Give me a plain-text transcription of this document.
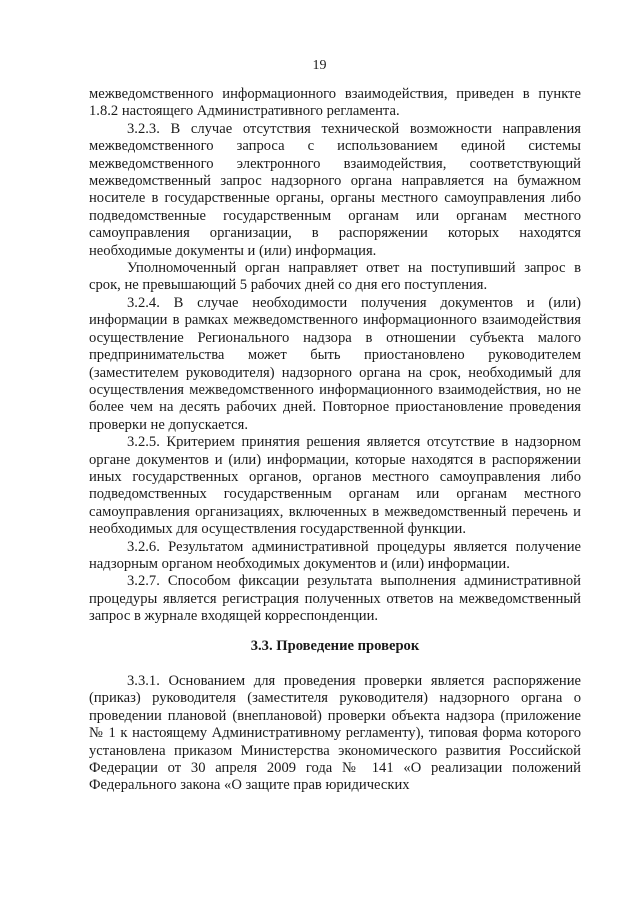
19

межведомственного информационного взаимодействия, приведен в пункте 1.8.2 настоящего Административного регламента.

3.2.3. В случае отсутствия технической возможности направления межведомственного запроса с использованием единой системы межведомственного электронного взаимодействия, соответствующий межведомственный запрос надзорного органа направляется на бумажном носителе в государственные органы, органы местного самоуправления либо подведомственные государственным органам или органам местного самоуправления организации, в распоряжении которых находятся необходимые документы и (или) информация.

Уполномоченный орган направляет ответ на поступивший запрос в срок, не превышающий 5 рабочих дней со дня его поступления.

3.2.4. В случае необходимости получения документов и (или) информации в рамках межведомственного информационного взаимодействия осуществление Регионального надзора в отношении субъекта малого предпринимательства может быть приостановлено руководителем (заместителем руководителя) надзорного органа на срок, необходимый для осуществления межведомственного информационного взаимодействия, но не более чем на десять рабочих дней. Повторное приостановление проведения проверки не допускается.

3.2.5. Критерием принятия решения является отсутствие в надзорном органе документов и (или) информации, которые находятся в распоряжении иных государственных органов, органов местного самоуправления либо подведомственных государственным органам или органам местного самоуправления организациях, включенных в межведомственный перечень и необходимых для осуществления государственной функции.

3.2.6. Результатом административной процедуры является получение надзорным органом необходимых документов и (или) информации.

3.2.7. Способом фиксации результата выполнения административной процедуры является регистрация полученных ответов на межведомственный запрос в журнале входящей корреспонденции.

3.3. Проведение проверок

3.3.1. Основанием для проведения проверки является распоряжение (приказ) руководителя (заместителя руководителя) надзорного органа о проведении плановой (внеплановой) проверки объекта надзора (приложение № 1 к настоящему Административному регламенту), типовая форма которого установлена приказом Министерства экономического развития Российской Федерации от 30 апреля 2009 года № 141 «О реализации положений Федерального закона «О защите прав юридических
